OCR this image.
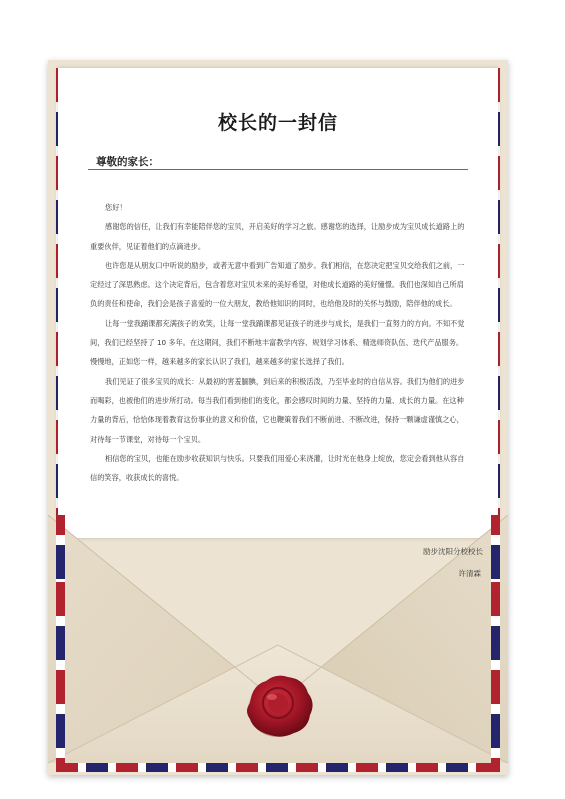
校长的一封信
尊敬的家长：

您好！

感谢您的信任，让我们有幸能陪伴您的宝贝，开启美好的学习之旅。感谢您的选择，让励步成为宝贝成长道路上的重要伙伴，见证着他们的点滴进步。

也许您是从朋友口中听说的励步，或者无意中看到广告知道了励步。我们相信，在您决定把宝贝交给我们之前，一定经过了深思熟虑。这个决定背后，包含着您对宝贝未来的美好希望，对他成长道路的美好憧憬。我们也深知自己所肩负的责任和使命，我们会是孩子喜爱的一位大朋友，教给他知识的同时，也给他及时的关怀与鼓励，陪伴他的成长。

让每一堂我踊课都充满孩子的欢笑，让每一堂我踊课都见证孩子的进步与成长，是我们一直努力的方向。不知不觉间，我们已经坚持了 10 多年。在这期间，我们不断地丰富教学内容、规划学习体系、精选师资队伍、迭代产品服务。慢慢地，正如您一样，越来越多的家长认识了我们，越来越多的家长选择了我们。

我们见证了很多宝贝的成长：从最初的害羞腼腆，到后来的积极活泼，乃至毕业时的自信从容。我们为他们的进步而喝彩，也被他们的进步所打动。每当我们看到他们的变化，都会感叹时间的力量、坚持的力量、成长的力量。在这种力量的背后，恰恰体现着教育这份事业的意义和价值，它也鞭策着我们不断前进、不断改进，保持一颗谦虚谨慎之心，对待每一节课堂，对待每一个宝贝。

相信您的宝贝，也能在励步收获知识与快乐。只要我们用爱心来浇灌，让时光在他身上绽放，您定会看到他从容自信的笑容，收获成长的喜悦。

励步沈阳分校校长
许清霖
